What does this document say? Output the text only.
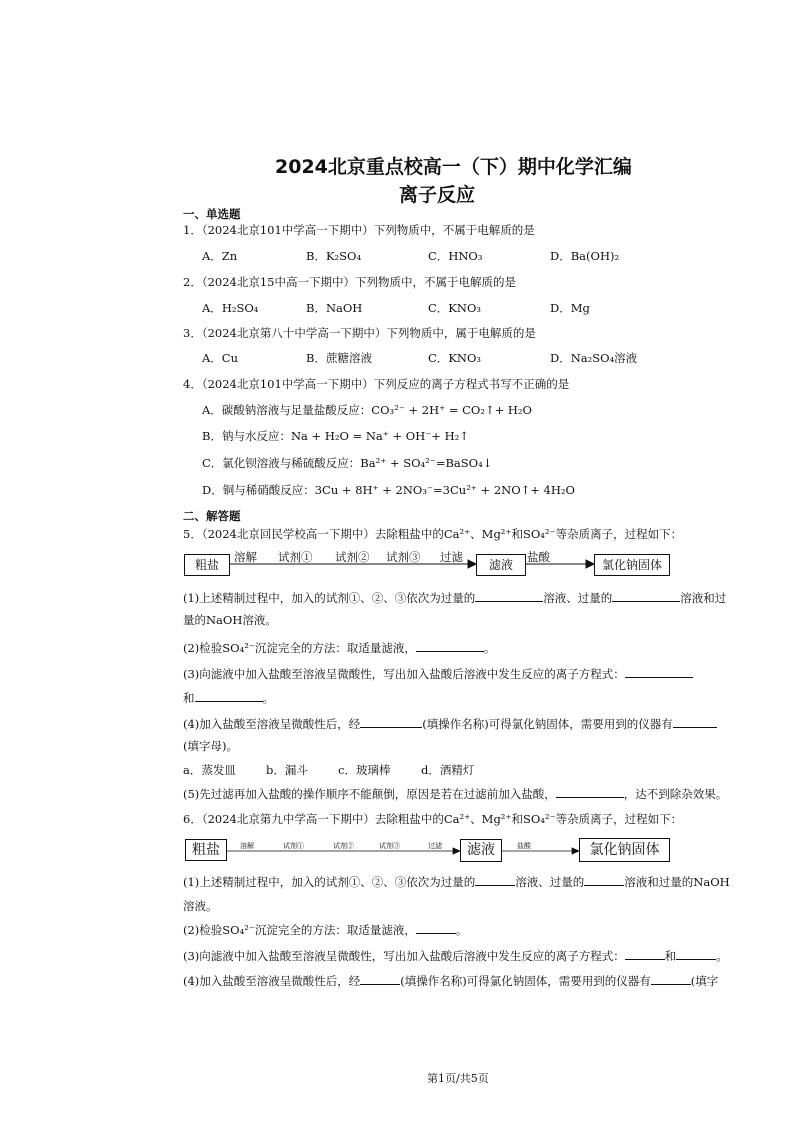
2024北京重点校高一（下）期中化学汇编
离子反应
一、单选题
1．（2024北京101中学高一下期中）下列物质中，不属于电解质的是
A．Zn	B．K₂SO₄	C．HNO₃	D．Ba(OH)₂
2．（2024北京15中高一下期中）下列物质中，不属于电解质的是
A．H₂SO₄	B．NaOH	C．KNO₃	D．Mg
3．（2024北京第八十中学高一下期中）下列物质中，属于电解质的是
A．Cu	B．蔗糖溶液	C．KNO₃	D．Na₂SO₄溶液
4．（2024北京101中学高一下期中）下列反应的离子方程式书写不正确的是
A．碳酸钠溶液与足量盐酸反应：CO₃²⁻ + 2H⁺ = CO₂↑+ H₂O
B．钠与水反应：Na + H₂O = Na⁺ + OH⁻+ H₂↑
C．氯化钡溶液与稀硫酸反应：Ba²⁺ + SO₄²⁻=BaSO₄↓
D．铜与稀硝酸反应：3Cu + 8H⁺ + 2NO₃⁻=3Cu²⁺ + 2NO↑+ 4H₂O
二、解答题
5．（2024北京回民学校高一下期中）去除粗盐中的Ca²⁺、Mg²⁺和SO₄²⁻等杂质离子，过程如下：
粗盐
溶解 试剂① 试剂② 试剂③ 过滤
滤液
盐酸
氯化钠固体
(1)上述精制过程中，加入的试剂①、②、③依次为过量的	溶液、过量的	溶液和过
量的NaOH溶液。
(2)检验SO₄²⁻沉淀完全的方法：取适量滤液，	。
(3)向滤液中加入盐酸至溶液呈微酸性，写出加入盐酸后溶液中发生反应的离子方程式：
和	。
(4)加入盐酸至溶液呈微酸性后，经	(填操作名称)可得氯化钠固体，需要用到的仪器有
(填字母)。
a．蒸发皿	b．漏斗	c．玻璃棒	d．酒精灯
(5)先过滤再加入盐酸的操作顺序不能颠倒，原因是若在过滤前加入盐酸，	，达不到除杂效果。
6．（2024北京第九中学高一下期中）去除粗盐中的Ca²⁺、Mg²⁺和SO₄²⁻等杂质离子，过程如下：
粗盐	溶解	试剂①	试剂②	试剂③	过滤	滤液	盐酸	氯化钠固体
(1)上述精制过程中，加入的试剂①、②、③依次为过量的	溶液、过量的	溶液和过量的NaOH
溶液。
(2)检验SO₄²⁻沉淀完全的方法：取适量滤液，	。
(3)向滤液中加入盐酸至溶液呈微酸性，写出加入盐酸后溶液中发生反应的离子方程式：	和	。
(4)加入盐酸至溶液呈微酸性后，经	(填操作名称)可得氯化钠固体，需要用到的仪器有	(填字
第1页/共5页
